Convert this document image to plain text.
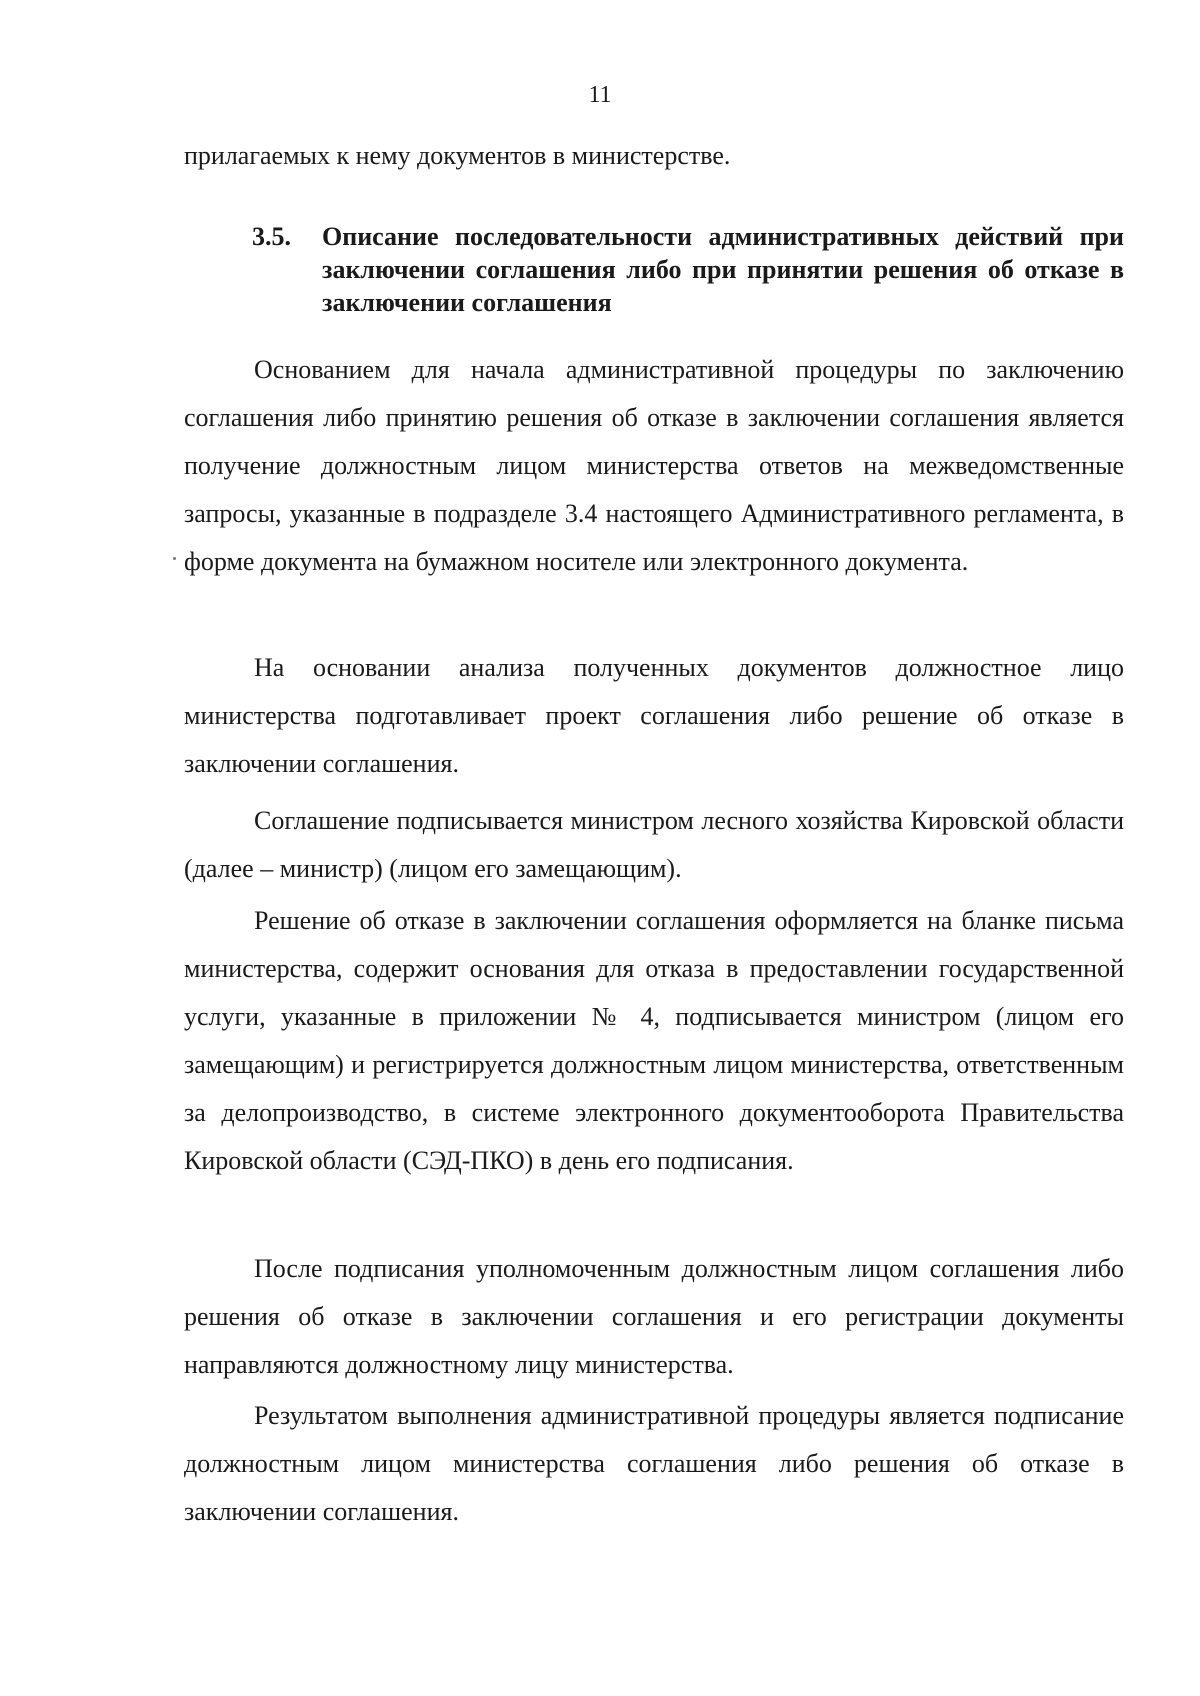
11

прилагаемых к нему документов в министерстве.

3.5. Описание последовательности административных действий при заключении соглашения либо при принятии решения об отказе в заключении соглашения

Основанием для начала административной процедуры по заключению соглашения либо принятию решения об отказе в заключении соглашения является получение должностным лицом министерства ответов на межведомственные запросы, указанные в подразделе 3.4 настоящего Административного регламента, в форме документа на бумажном носителе или электронного документа.

На основании анализа полученных документов должностное лицо министерства подготавливает проект соглашения либо решение об отказе в заключении соглашения.

Соглашение подписывается министром лесного хозяйства Кировской области (далее – министр) (лицом его замещающим).

Решение об отказе в заключении соглашения оформляется на бланке письма министерства, содержит основания для отказа в предоставлении государственной услуги, указанные в приложении № 4, подписывается министром (лицом его замещающим) и регистрируется должностным лицом министерства, ответственным за делопроизводство, в системе электронного документооборота Правительства Кировской области (СЭД-ПКО) в день его подписания.

После подписания уполномоченным должностным лицом соглашения либо решения об отказе в заключении соглашения и его регистрации документы направляются должностному лицу министерства.

Результатом выполнения административной процедуры является подписание должностным лицом министерства соглашения либо решения об отказе в заключении соглашения.
